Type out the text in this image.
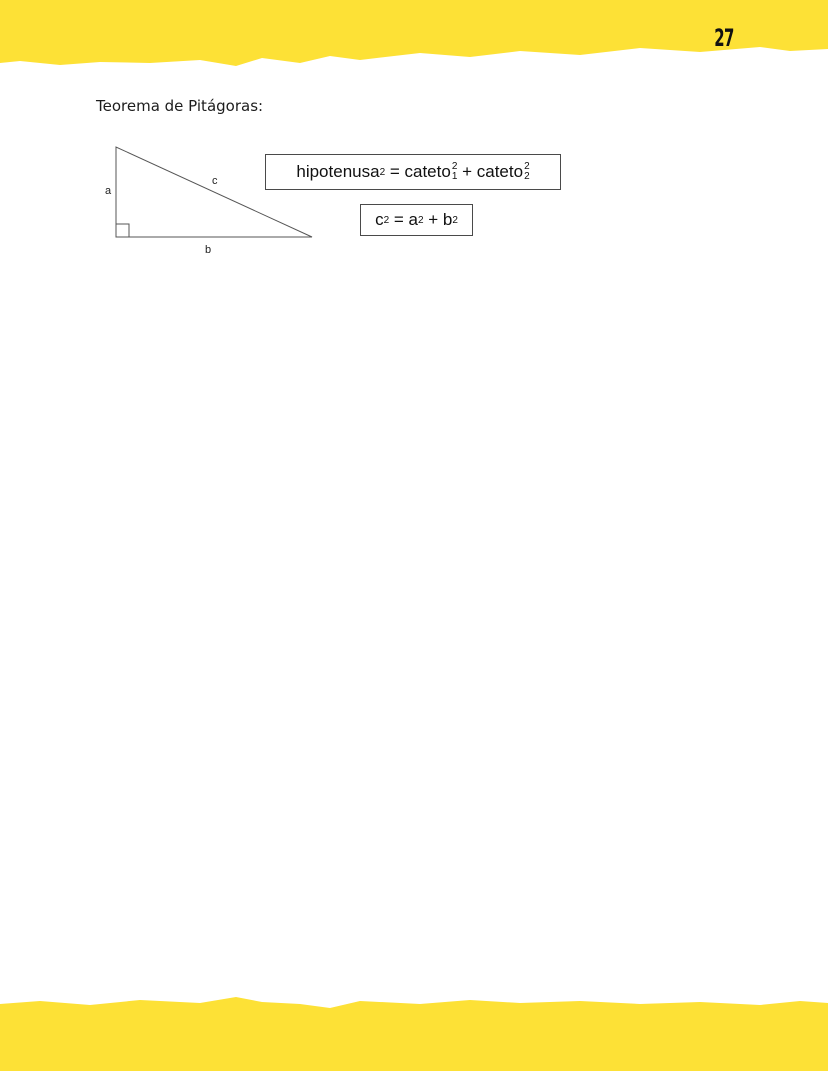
27
Teorema de Pitágoras:
a
c
b
hipotenusa 2 = cateto 2
1 + cateto 2
2
c 2 = a 2 + b 2
